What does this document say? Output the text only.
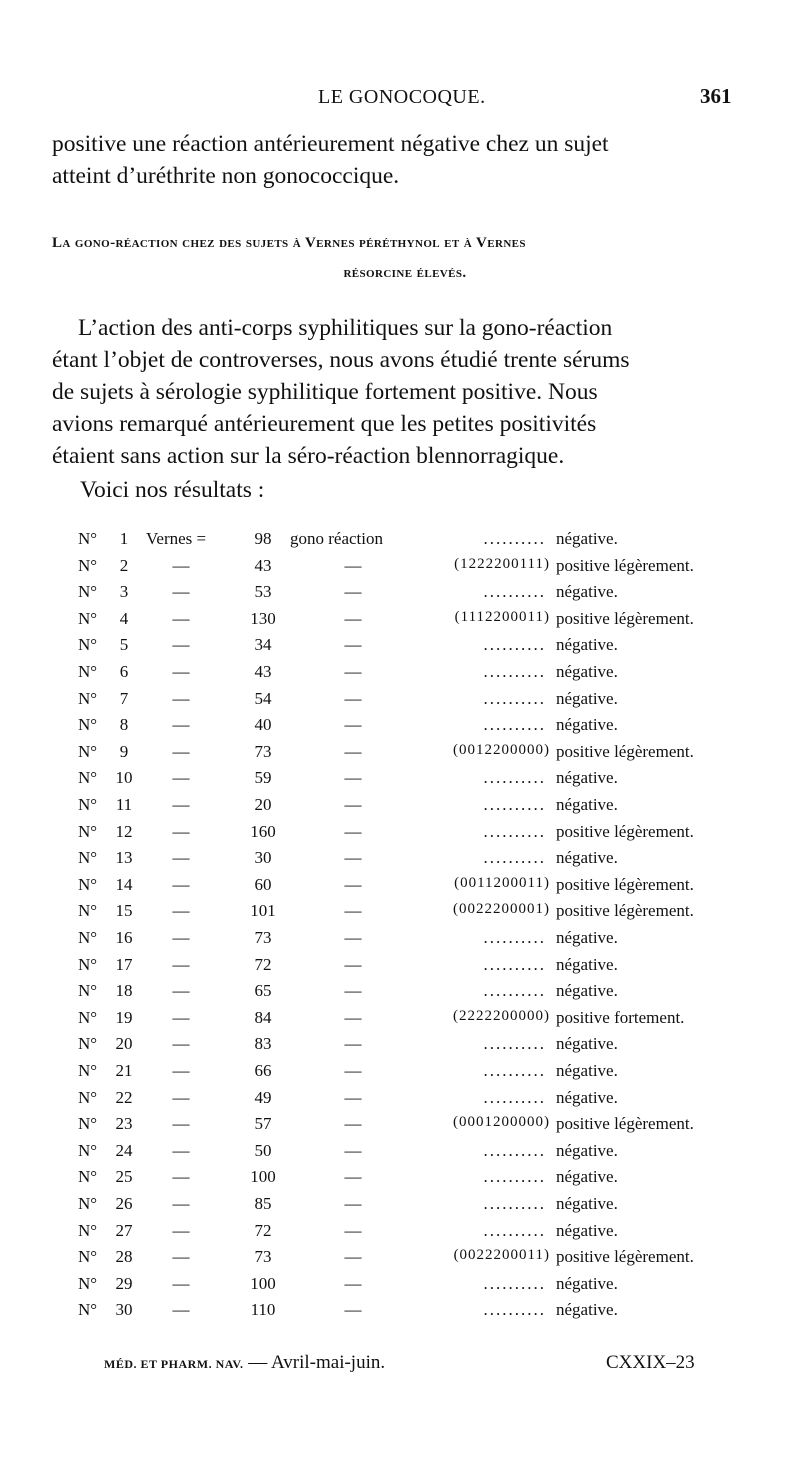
LE GONOCOQUE.	361

positive une réaction antérieurement négative chez un sujet

atteint d’uréthrite non gonococcique.

La gono-réaction chez des sujets à Vernes péréthynol et à Vernes
résorcine élevés.

L’action des anti-corps syphilitiques sur la gono-réaction

étant l’objet de controverses, nous avons étudié trente sérums

de sujets à sérologie syphilitique fortement positive. Nous

avions remarqué antérieurement que les petites positivités

étaient sans action sur la séro-réaction blennorragique.

Voici nos résultats :
N°	1	Vernes =	98	gono réaction	.......... négative.
N°	2	—	43	—	(1222200111) positive légèrement.
N°	3	—	53	—	.......... négative.
N°	4	—	130	—	(1112200011) positive légèrement.
N°	5	—	34	—	.......... négative.
N°	6	—	43	—	.......... négative.
N°	7	—	54	—	.......... négative.
N°	8	—	40	—	.......... négative.
N°	9	—	73	—	(0012200000) positive légèrement.
N° 10 —	59	—	.......... négative.
N° 11 —	20	—	.......... négative.
N° 12 —	160	—	.......... positive légèrement.
N° 13 —	30	—	.......... négative.
N° 14 —	60	—	(0011200011) positive légèrement.
N° 15 —	101	—	(0022200001) positive légèrement.
N° 16 —	73	—	.......... négative.
N° 17 —	72	—	.......... négative.
N° 18 —	65	—	.......... négative.
N° 19 —	84	—	(2222200000) positive fortement.
N° 20 —	83	—	.......... négative.
N° 21 —	66	—	.......... négative.
N° 22 —	49	—	.......... négative.
N° 23 —	57	—	(0001200000) positive légèrement.
N° 24 —	50	—	.......... négative.
N° 25 —	100	—	.......... négative.
N° 26 —	85	—	.......... négative.
N° 27 —	72	—	.......... négative.
N° 28 —	73	—	(0022200011) positive légèrement.
N° 29 —	100	—	.......... négative.
N° 30 —	110	—	.......... négative.
MÉD. ET PHARM. NAV. — Avril-mai-juin.	CXXIX–23
